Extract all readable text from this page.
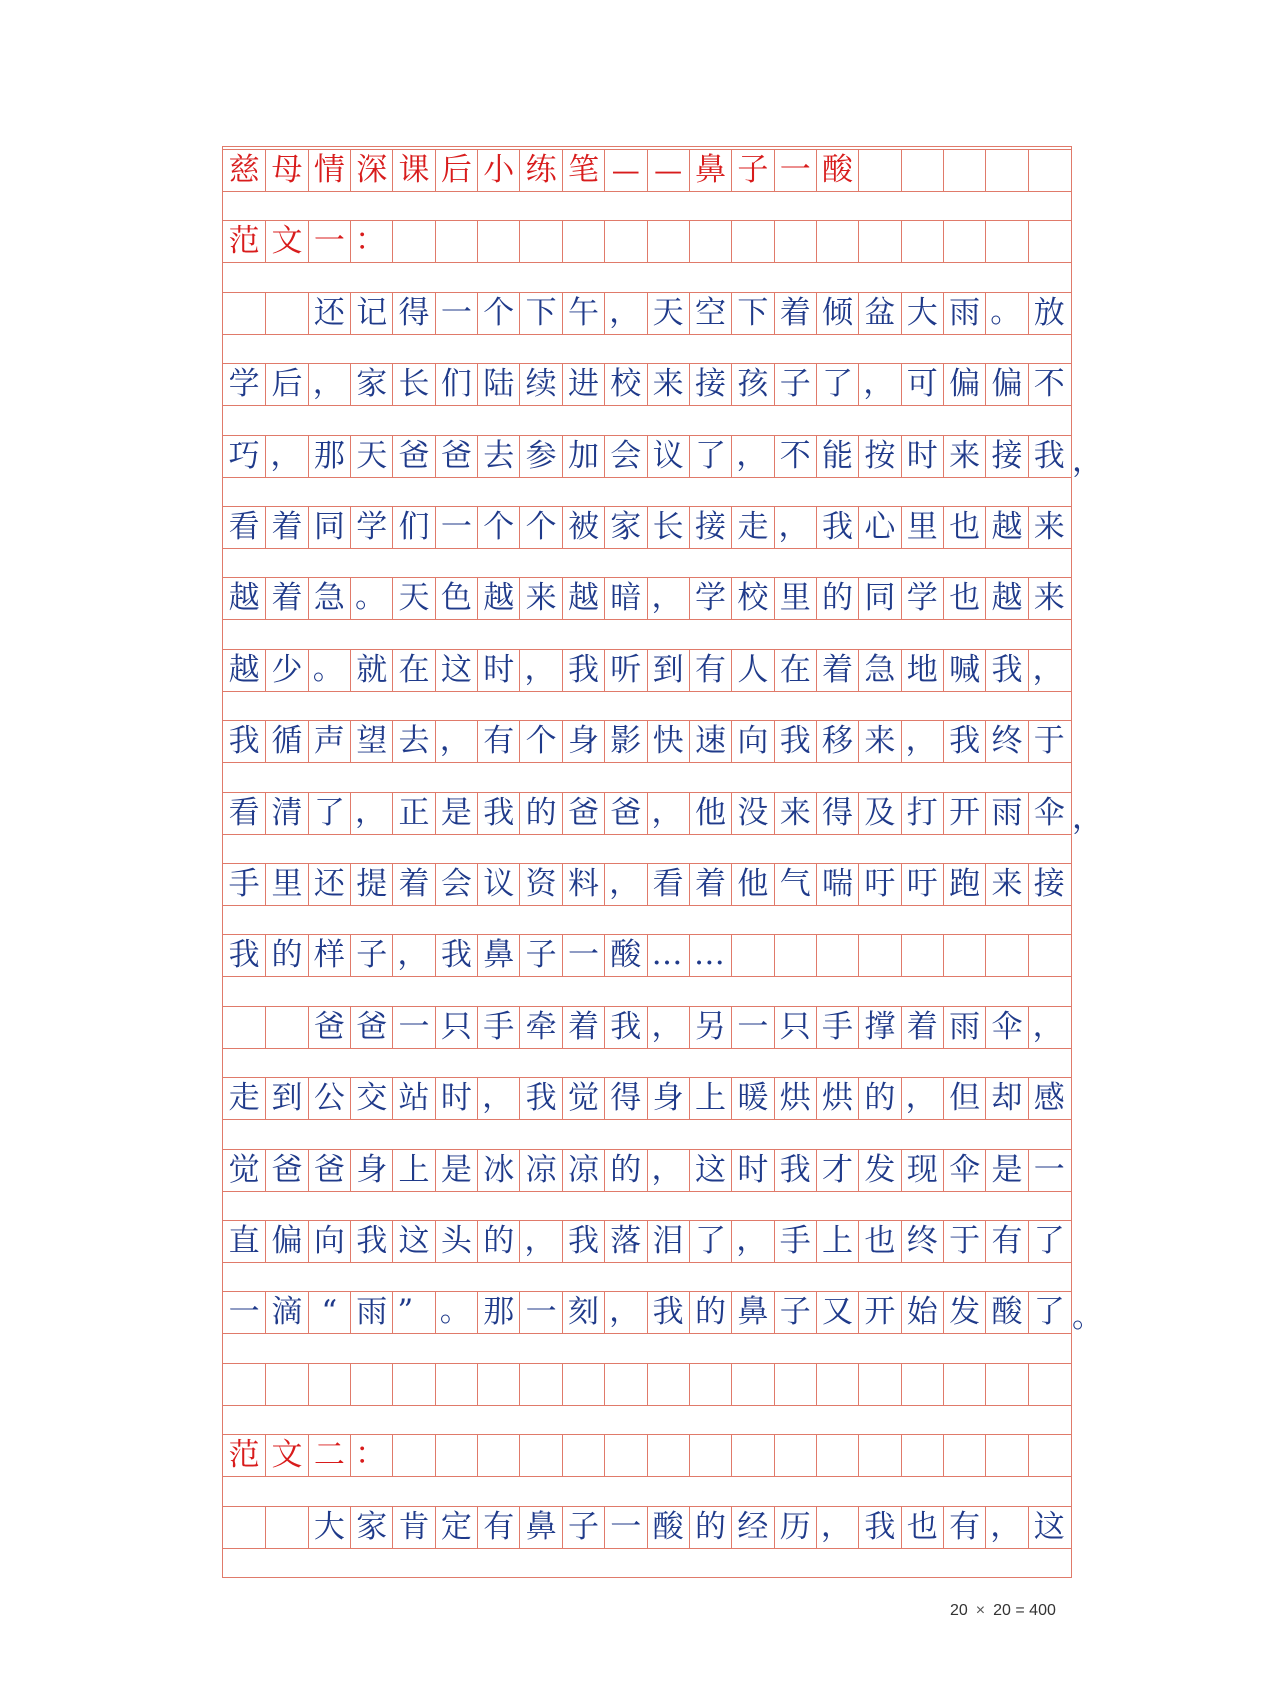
慈 母 情 深 课 后 小 练 笔 — — 鼻 子 一 酸
范 文 一 ：
还 记 得 一 个 下 午 ， 天 空 下 着 倾 盆 大 雨 。 放
学 后 ， 家 长 们 陆 续 进 校 来 接 孩 子 了 ， 可 偏 偏 不
巧 ， 那 天 爸 爸 去 参 加 会 议 了 ， 不 能 按 时 来 接 我 ，
看 着 同 学 们 一 个 个 被 家 长 接 走 ， 我 心 里 也 越 来
越 着 急 。 天 色 越 来 越 暗 ， 学 校 里 的 同 学 也 越 来
越 少 。 就 在 这 时 ， 我 听 到 有 人 在 着 急 地 喊 我 ，
我 循 声 望 去 ， 有 个 身 影 快 速 向 我 移 来 ， 我 终 于
看 清 了 ， 正 是 我 的 爸 爸 ， 他 没 来 得 及 打 开 雨 伞 ，
手 里 还 提 着 会 议 资 料 ， 看 着 他 气 喘 吁 吁 跑 来 接
我 的 样 子 ， 我 鼻 子 一 酸 … …
爸 爸 一 只 手 牵 着 我 ， 另 一 只 手 撑 着 雨 伞 ，
走 到 公 交 站 时 ， 我 觉 得 身 上 暖 烘 烘 的 ， 但 却 感
觉 爸 爸 身 上 是 冰 凉 凉 的 ， 这 时 我 才 发 现 伞 是 一
直 偏 向 我 这 头 的 ， 我 落 泪 了 ， 手 上 也 终 于 有 了
一 滴 “ 雨 ” 。 那 一 刻 ， 我 的 鼻 子 又 开 始 发 酸 了 。
范 文 二 ：
大 家 肯 定 有 鼻 子 一 酸 的 经 历 ， 我 也 有 ， 这
20 × 20 = 400
